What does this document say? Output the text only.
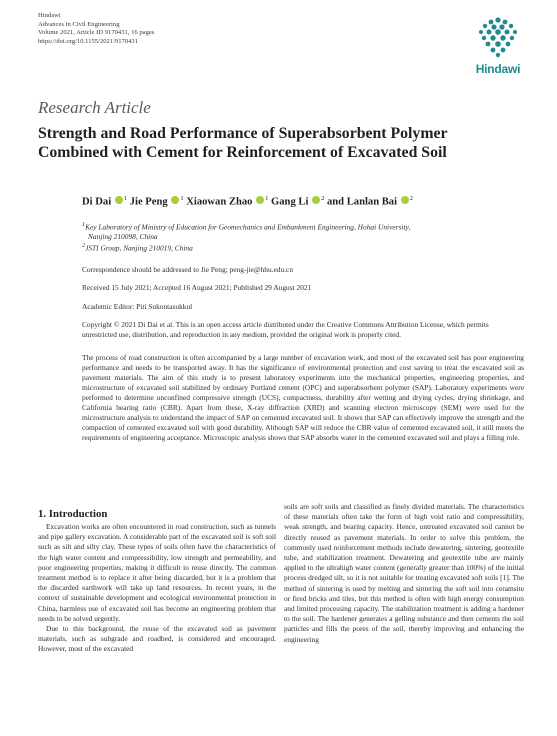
Hindawi
Advances in Civil Engineering
Volume 2021, Article ID 9170431, 16 pages
https://doi.org/10.1155/2021/9170431
Hindawi
Research Article
Strength and Road Performance of Superabsorbent Polymer Combined with Cement for Reinforcement of Excavated Soil
Di Dai $^1$ Jie Peng $^1$ Xiaowan Zhao $^1$ Gang Li $^2$ and Lanlan Bai $^2$
$^1$Key Laboratory of Ministry of Education for Geomechanics and Embankment Engineering, Hohai University,
Nanjing 210098, China
$^2$JSTI Group, Nanjing 210019, China
Correspondence should be addressed to Jie Peng; peng-jie@hhu.edu.cn
Received 15 July 2021; Accepted 16 August 2021; Published 29 August 2021
Academic Editor: Piti Sukontasukkul
Copyright © 2021 Di Dai et al. This is an open access article distributed under the Creative Commons Attribution License, which permits unrestricted use, distribution, and reproduction in any medium, provided the original work is properly cited.
The process of road construction is often accompanied by a large number of excavation work, and most of the excavated soil has poor engineering performance and needs to be transported away. It has the significance of environmental protection and cost saving to treat the excavated soil as pavement materials. The aim of this study is to present laboratory experiments into the mechanical properties, engineering properties, and microstructure of excavated soil stabilized by ordinary Portland cement (OPC) and superabsorbent polymer (SAP). Laboratory experiments were performed to determine unconfined compressive strength (UCS), compactness, durability after wetting and drying cycles, drying shrinkage, and California bearing ratio (CBR). Apart from these, X-ray diffraction (XRD) and scanning electron microscopy (SEM) were used for the microstructure analysis to understand the impact of SAP on cemented excavated soil. It shows that SAP can effectively improve the strength and the compaction of cemented excavated soil with good durability. Although SAP will reduce the CBR value of cemented excavated soil, it still meets the requirements of engineering acceptance. Microscopic analysis shows that SAP absorbs water in the cemented excavated soil and plays a filling role.
1. Introduction

Excavation works are often encountered in road construction, such as tunnels and pipe gallery excavation. A considerable part of the excavated soil is soft soil such as silt and silty clay. These types of soils often have the characteristics of the high water content and compressibility, low strength and permeability, and poor engineering properties, making it difficult to reuse directly. The common treatment method is to replace it after being discarded, but it is a problem that the discarded earthwork will take up land resources. In recent years, in the context of sustainable development and ecological environmental protection in China, harmless use of excavated soil has become an engineering problem that needs to be solved urgently.

Due to this background, the reuse of the excavated soil as pavement materials, such as subgrade and roadbed, is considered and encouraged. However, most of the excavated

soils are soft soils and classified as finely divided materials. The characteristics of these materials often take the form of high void ratio and compressibility, weak strength, and bearing capacity. Hence, untreated excavated soil cannot be directly reused as pavement materials. In order to solve this problem, the commonly used reinforcement methods include dewatering, sintering, geotextile tube, and stabilization treatment. Dewatering and geotextile tube are mainly applied to the ultrahigh water content (generally greater than 100%) of the initial process dredged silt, so it is not suitable for treating excavated soft soils [1]. The method of sintering is used by melting and sintering the soft soil into ceramsite or fired bricks and tiles, but this method is often with high energy consumption and limited processing capacity. The stabilization treatment is adding a hardener to the soil. The hardener generates a gelling substance and then cements the soil particles and fills the pores of the soil, thereby improving and enhancing the engineering
